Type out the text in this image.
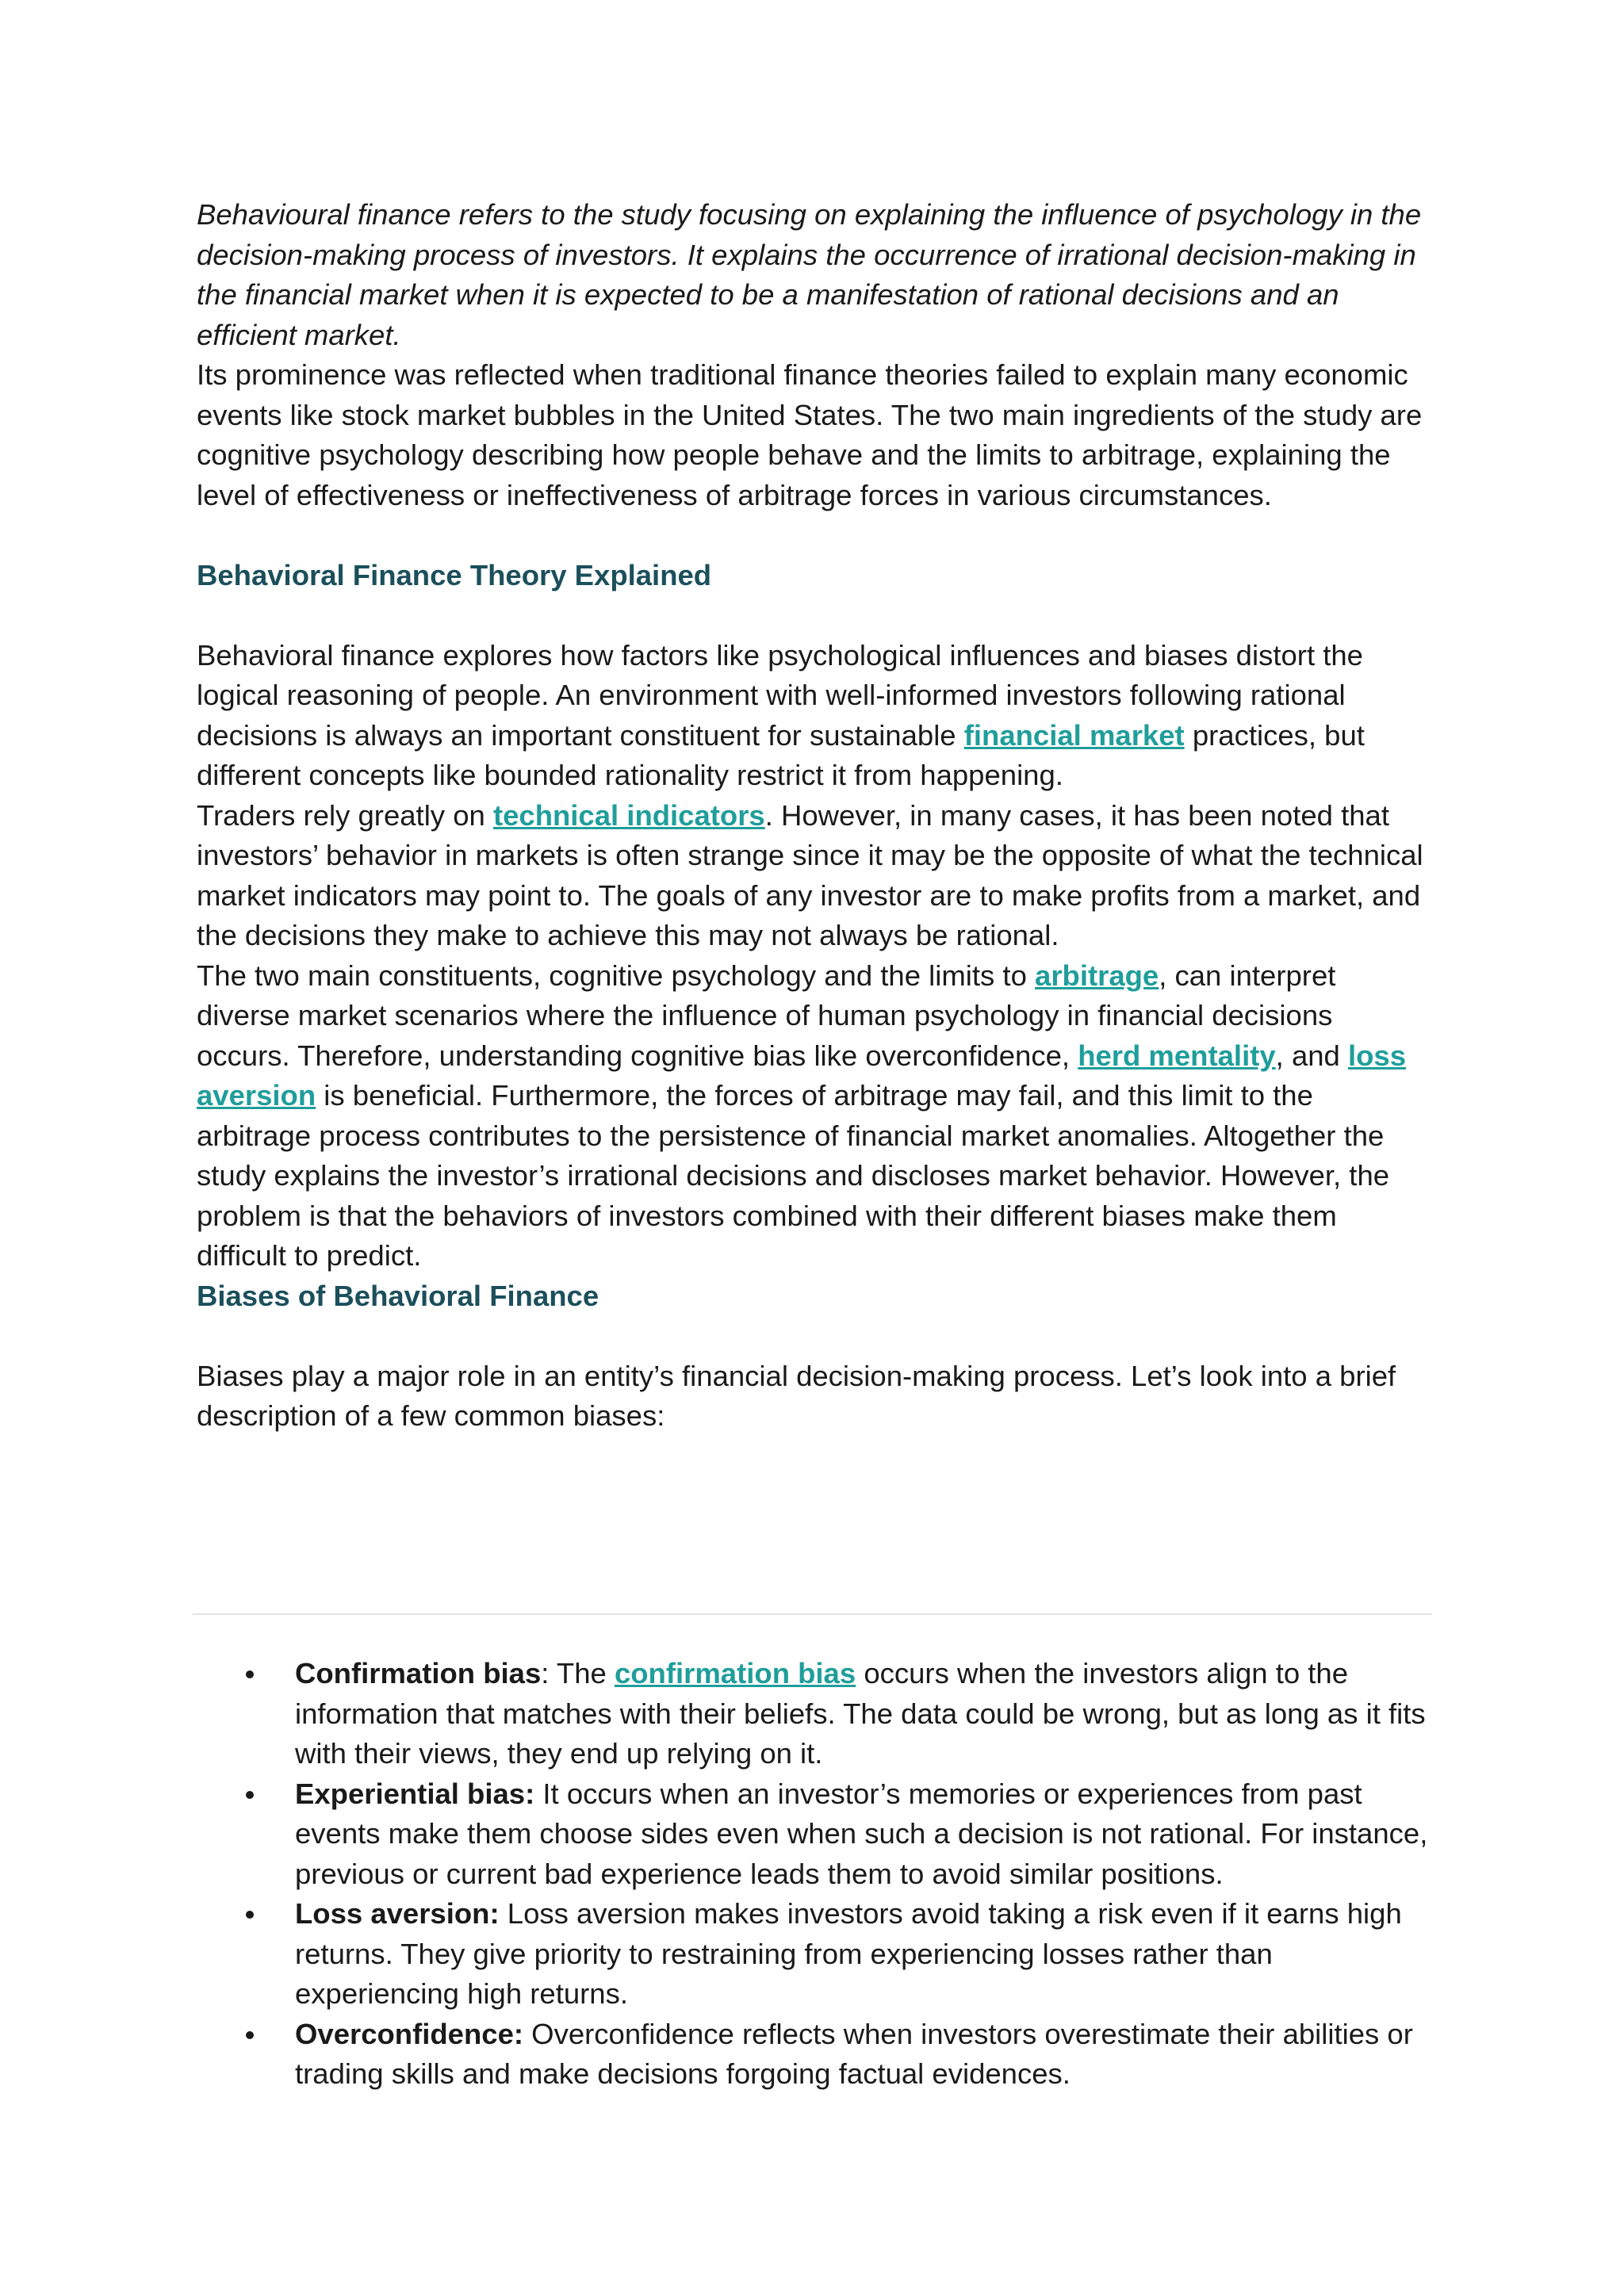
Behavioural finance refers to the study focusing on explaining the influence of psychology in the decision-making process of investors. It explains the occurrence of irrational decision-making in the financial market when it is expected to be a manifestation of rational decisions and an efficient market.

Its prominence was reflected when traditional finance theories failed to explain many economic events like stock market bubbles in the United States. The two main ingredients of the study are cognitive psychology describing how people behave and the limits to arbitrage, explaining the level of effectiveness or ineffectiveness of arbitrage forces in various circumstances.

Behavioral Finance Theory Explained

Behavioral finance explores how factors like psychological influences and biases distort the logical reasoning of people. An environment with well-informed investors following rational decisions is always an important constituent for sustainable financial market practices, but different concepts like bounded rationality restrict it from happening.

Traders rely greatly on technical indicators. However, in many cases, it has been noted that investors’ behavior in markets is often strange since it may be the opposite of what the technical market indicators may point to. The goals of any investor are to make profits from a market, and the decisions they make to achieve this may not always be rational.

The two main constituents, cognitive psychology and the limits to arbitrage, can interpret diverse market scenarios where the influence of human psychology in financial decisions occurs. Therefore, understanding cognitive bias like overconfidence, herd mentality, and loss aversion is beneficial. Furthermore, the forces of arbitrage may fail, and this limit to the arbitrage process contributes to the persistence of financial market anomalies. Altogether the study explains the investor’s irrational decisions and discloses market behavior. However, the problem is that the behaviors of investors combined with their different biases make them difficult to predict.

Biases of Behavioral Finance

Biases play a major role in an entity’s financial decision-making process. Let’s look into a brief description of a few common biases:

Confirmation bias: The confirmation bias occurs when the investors align to the information that matches with their beliefs. The data could be wrong, but as long as it fits with their views, they end up relying on it.
Experiential bias: It occurs when an investor’s memories or experiences from past events make them choose sides even when such a decision is not rational. For instance, previous or current bad experience leads them to avoid similar positions.
Loss aversion: Loss aversion makes investors avoid taking a risk even if it earns high returns. They give priority to restraining from experiencing losses rather than experiencing high returns.
Overconfidence: Overconfidence reflects when investors overestimate their abilities or trading skills and make decisions forgoing factual evidences.
